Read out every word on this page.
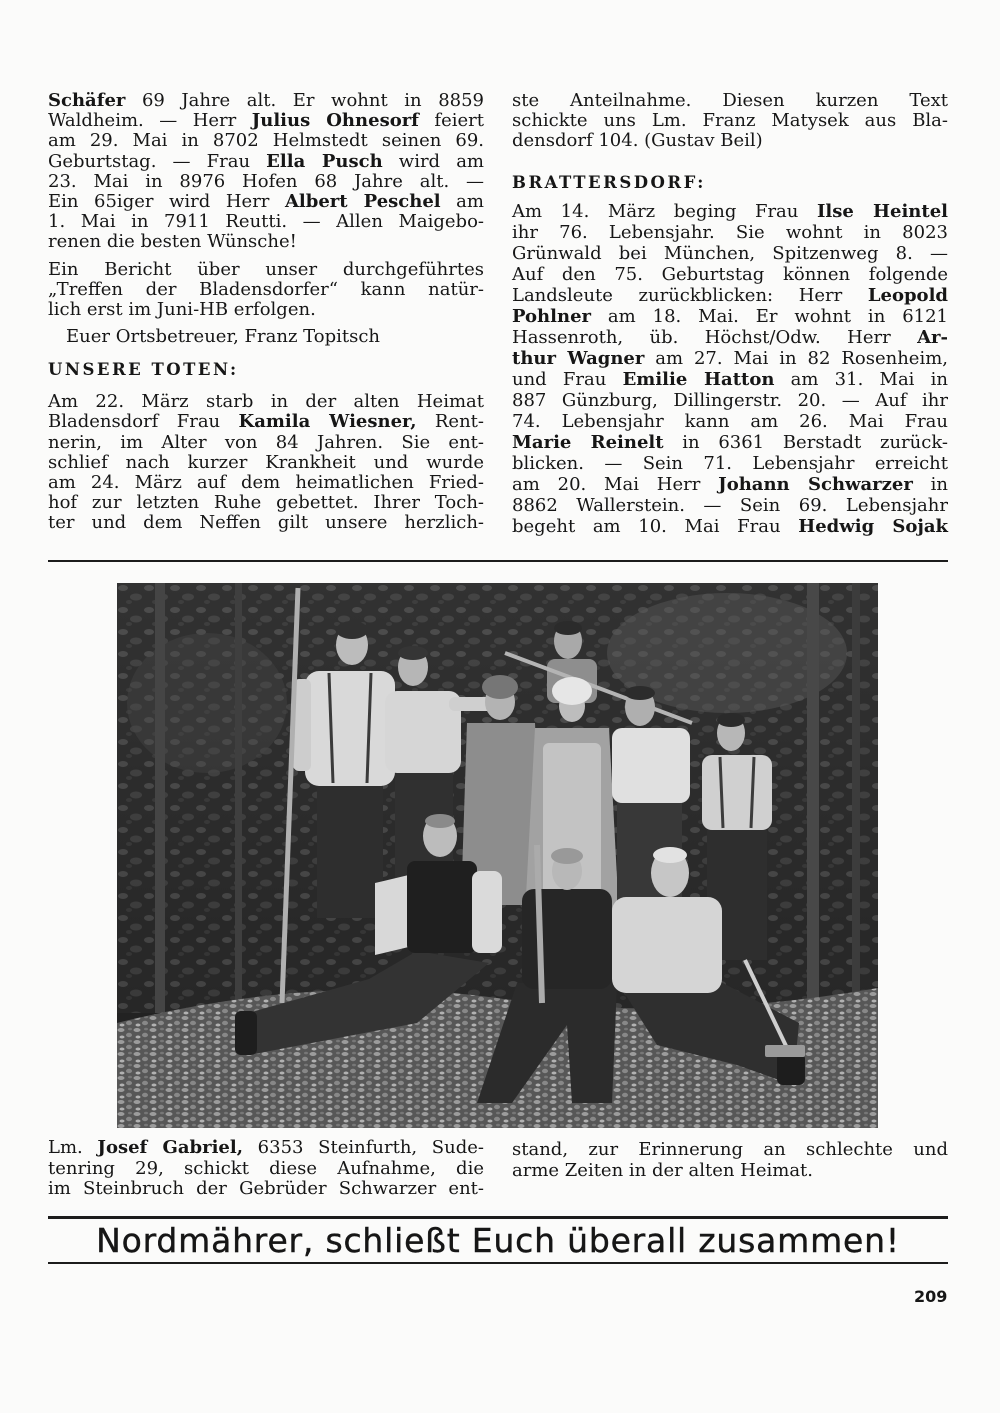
Schäfer 69 Jahre alt. Er wohnt in 8859
Waldheim. — Herr Julius Ohnesorf feiert
am 29. Mai in 8702 Helmstedt seinen 69.
Geburtstag. — Frau Ella Pusch wird am
23. Mai in 8976 Hofen 68 Jahre alt. —
Ein 65iger wird Herr Albert Peschel am
1. Mai in 7911 Reutti. — Allen Maigebo-
renen die besten Wünsche!
Ein Bericht über unser durchgeführtes
„Treffen der Bladensdorfer“ kann natür-
lich erst im Juni-HB erfolgen.
Euer Ortsbetreuer, Franz Topitsch
UNSERE TOTEN:
Am 22. März starb in der alten Heimat
Bladensdorf Frau Kamila Wiesner, Rent-
nerin, im Alter von 84 Jahren. Sie ent-
schlief nach kurzer Krankheit und wurde
am 24. März auf dem heimatlichen Fried-
hof zur letzten Ruhe gebettet. Ihrer Toch-
ter und dem Neffen gilt unsere herzlich-
ste Anteilnahme. Diesen kurzen Text
schickte uns Lm. Franz Matysek aus Bla-
densdorf 104. (Gustav Beil)
BRATTERSDORF:
Am 14. März beging Frau Ilse Heintel
ihr 76. Lebensjahr. Sie wohnt in 8023
Grünwald bei München, Spitzenweg 8. —
Auf den 75. Geburtstag können folgende
Landsleute zurückblicken: Herr Leopold
Pohlner am 18. Mai. Er wohnt in 6121
Hassenroth, üb. Höchst/Odw. Herr Ar-
thur Wagner am 27. Mai in 82 Rosenheim,
und Frau Emilie Hatton am 31. Mai in
887 Günzburg, Dillingerstr. 20. — Auf ihr
74. Lebensjahr kann am 26. Mai Frau
Marie Reinelt in 6361 Berstadt zurück-
blicken. — Sein 71. Lebensjahr erreicht
am 20. Mai Herr Johann Schwarzer in
8862 Wallerstein. — Sein 69. Lebensjahr
begeht am 10. Mai Frau Hedwig Sojak
Lm. Josef Gabriel, 6353 Steinfurth, Sude-
tenring 29, schickt diese Aufnahme, die
im Steinbruch der Gebrüder Schwarzer ent-
stand, zur Erinnerung an schlechte und
arme Zeiten in der alten Heimat.
Nordmährer, schließt Euch überall zusammen!
209
